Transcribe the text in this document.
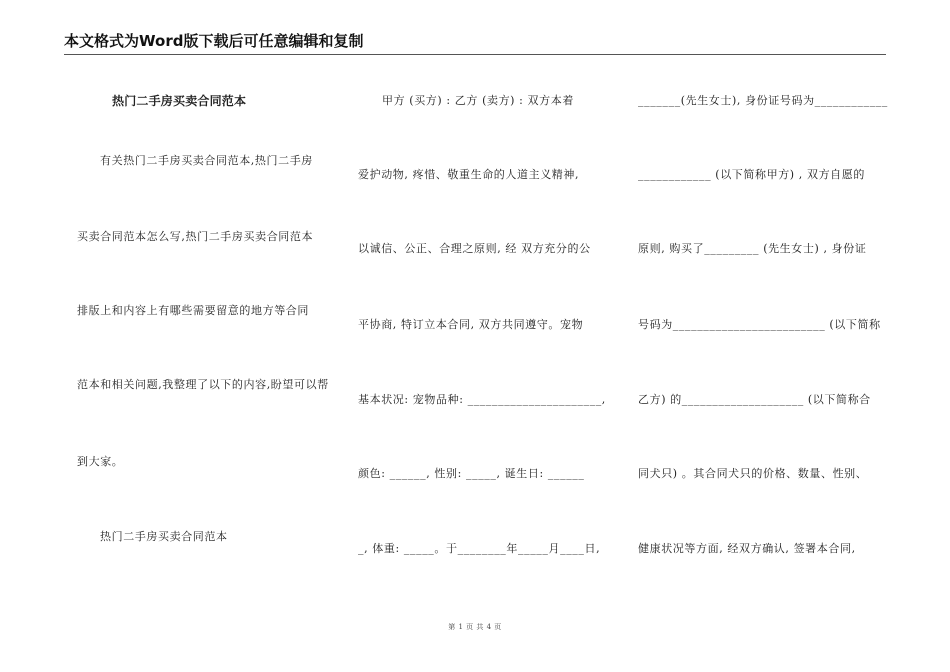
本文格式为Word版下载后可任意编辑和复制
热门二手房买卖合同范本
有关热门二手房买卖合同范本,热门二手房
买卖合同范本怎么写,热门二手房买卖合同范本
排版上和内容上有哪些需要留意的地方等合同
范本和相关问题,我整理了以下的内容,盼望可以帮
到大家。
热门二手房买卖合同范本
甲方 (买方) : 乙方 (卖方) : 双方本着
爱护动物, 疼惜、敬重生命的人道主义精神,
以诚信、公正、合理之原则, 经 双方充分的公
平协商, 特订立本合同, 双方共同遵守。宠物
基本状况: 宠物品种: ______________________,
颜色: ______, 性别: _____, 诞生日: ______
_, 体重: _____。于________年_____月____日,
_______(先生女士), 身份证号码为____________
____________ (以下简称甲方) , 双方自愿的
原则, 购买了_________ (先生女士) , 身份证
号码为_________________________ (以下简称
乙方) 的____________________ (以下简称合
同犬只) 。其合同犬只的价格、数量、性别、
健康状况等方面, 经双方确认, 签署本合同,
第 1 页 共 4 页
